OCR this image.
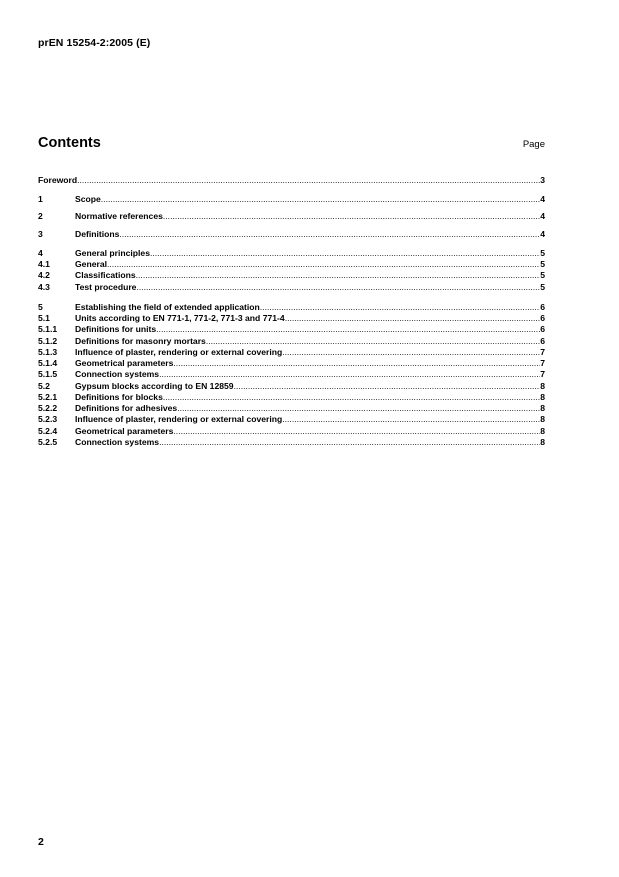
prEN 15254-2:2005 (E)
Contents	Page
Foreword .....	3
1	Scope .....	4
2	Normative references .....	4
3	Definitions .....	4
4	General principles .....	5
4.1	General .....	5
4.2	Classifications .....	5
4.3	Test procedure .....	5
5	Establishing the field of extended application .....	6
5.1	Units according to EN 771-1, 771-2, 771-3 and 771-4 .....	6
5.1.1 Definitions for units .....	6
5.1.2 Definitions for masonry mortars .....	6
5.1.3 Influence of plaster, rendering or external covering .....	7
5.1.4 Geometrical parameters .....	7
5.1.5 Connection systems .....	7
5.2	Gypsum blocks according to EN 12859 .....	8
5.2.1 Definitions for blocks .....	8
5.2.2 Definitions for adhesives .....	8
5.2.3 Influence of plaster, rendering or external covering .....	8
5.2.4 Geometrical parameters .....	8
5.2.5 Connection systems .....	8
2
